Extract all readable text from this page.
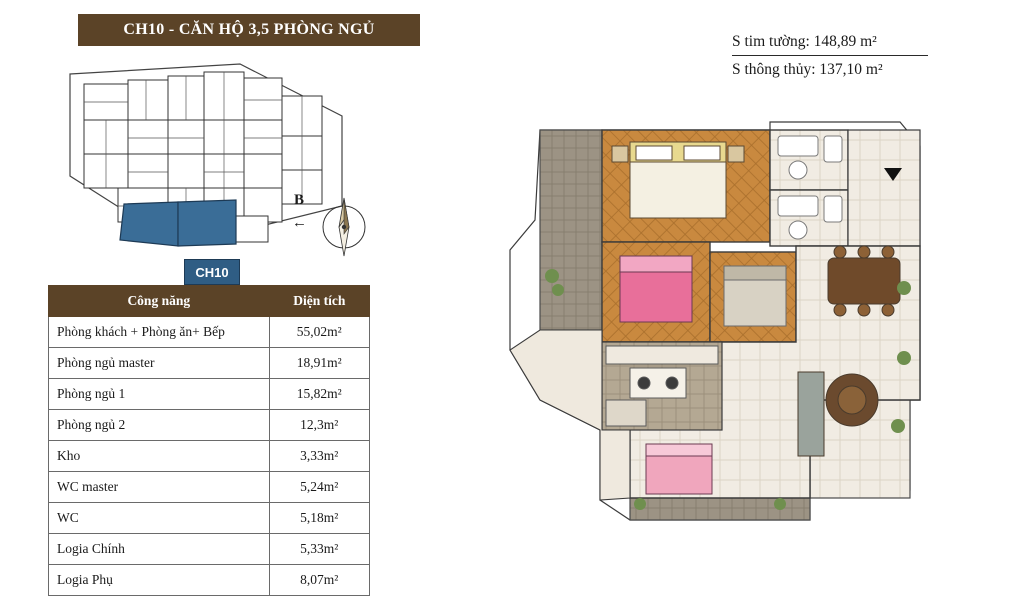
CH10 - CĂN HỘ 3,5 PHÒNG NGỦ
CH10
B
←
Công năng	Diện tích
Phòng khách + Phòng ăn+ Bếp	55,02m²
Phòng ngủ master	18,91m²
Phòng ngủ 1	15,82m²
Phòng ngủ 2	12,3m²
Kho	3,33m²
WC master	5,24m²
WC	5,18m²
Logia Chính	5,33m²
Logia Phụ	8,07m²
S tim tường: 148,89 m²
S thông thủy: 137,10 m²
